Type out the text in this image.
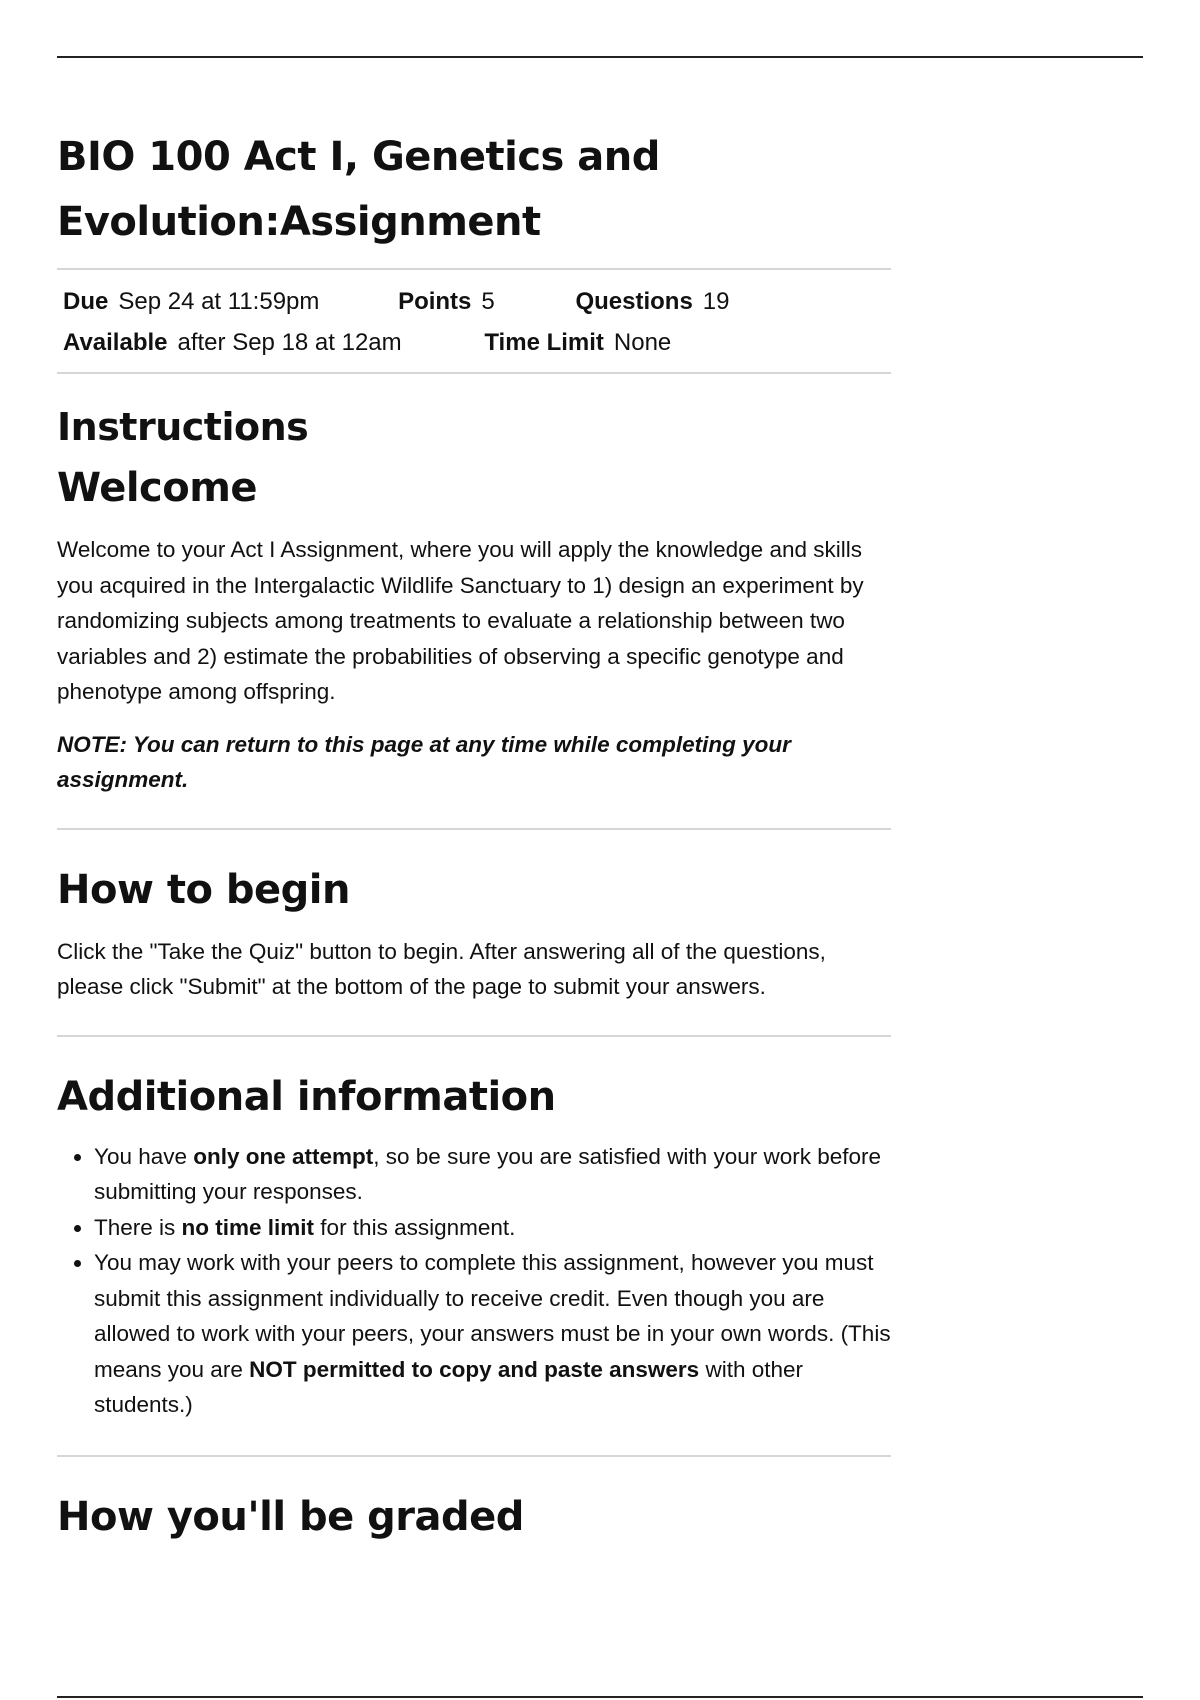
BIO 100 Act I, Genetics and Evolution:Assignment
Due Sep 24 at 11:59pm	Points 5	Questions 19
Available after Sep 18 at 12am	Time Limit None
Instructions
Welcome

Welcome to your Act I Assignment, where you will apply the knowledge and skills you acquired in the Intergalactic Wildlife Sanctuary to 1) design an experiment by randomizing subjects among treatments to evaluate a relationship between two variables and 2) estimate the probabilities of observing a specific genotype and phenotype among offspring.

NOTE: You can return to this page at any time while completing your assignment.

How to begin

Click the "Take the Quiz" button to begin. After answering all of the questions, please click "Submit" at the bottom of the page to submit your answers.

Additional information
• You have only one attempt, so be sure you are satisfied with your work before submitting your responses.
• There is no time limit for this assignment.
• You may work with your peers to complete this assignment, however you must submit this assignment individually to receive credit. Even though you are allowed to work with your peers, your answers must be in your own words. (This means you are NOT permitted to copy and paste answers with other students.)
How you'll be graded
